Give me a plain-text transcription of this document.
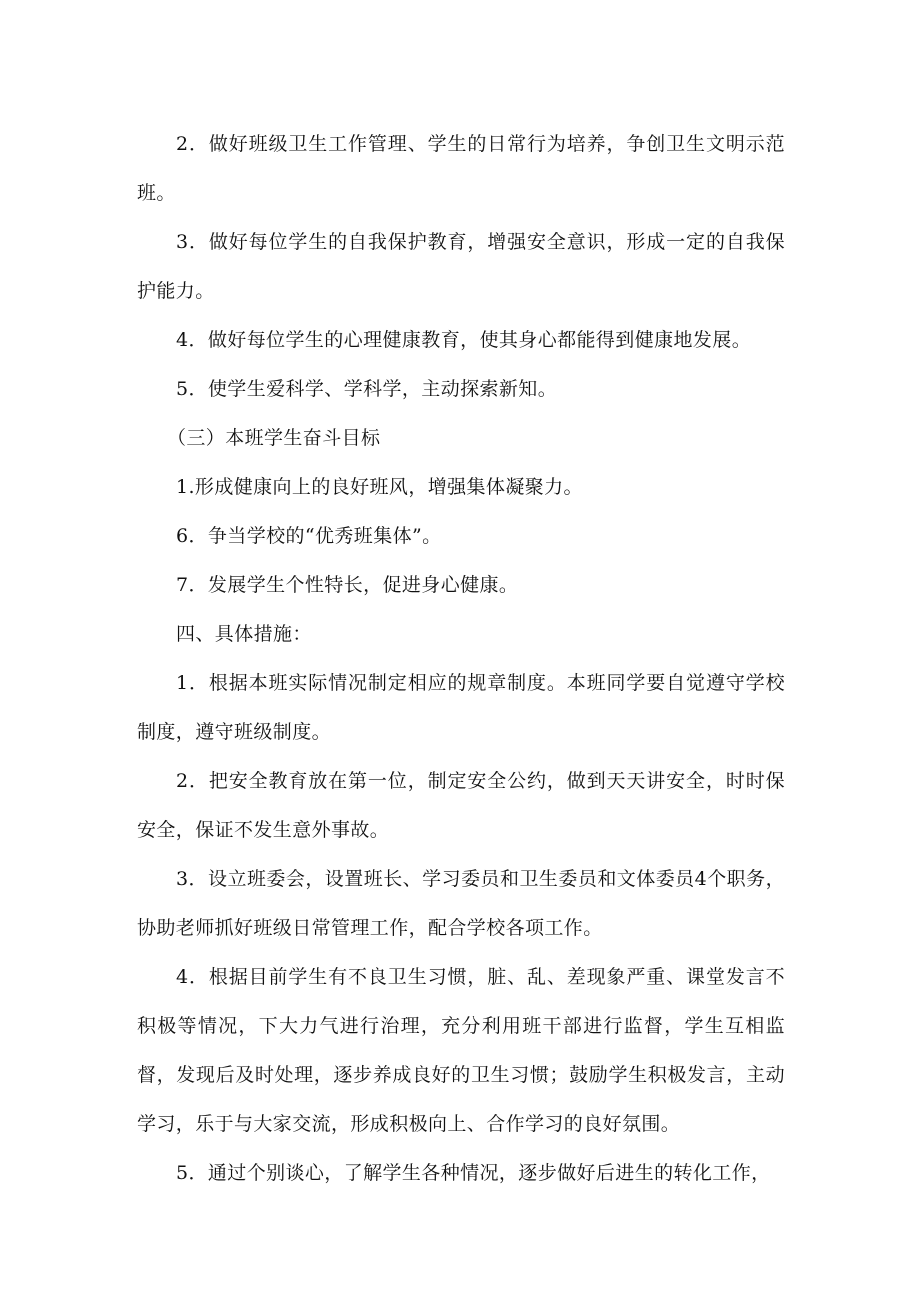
2．做好班级卫生工作管理、学生的日常行为培养，争创卫生文明示范班。

3．做好每位学生的自我保护教育，增强安全意识，形成一定的自我保护能力。

4．做好每位学生的心理健康教育，使其身心都能得到健康地发展。

5．使学生爱科学、学科学，主动探索新知。

（三）本班学生奋斗目标

1.形成健康向上的良好班风，增强集体凝聚力。

6．争当学校的“优秀班集体”。

7．发展学生个性特长，促进身心健康。

四、具体措施：

1．根据本班实际情况制定相应的规章制度。本班同学要自觉遵守学校制度，遵守班级制度。

2．把安全教育放在第一位，制定安全公约，做到天天讲安全，时时保安全，保证不发生意外事故。

3．设立班委会，设置班长、学习委员和卫生委员和文体委员4个职务，协助老师抓好班级日常管理工作，配合学校各项工作。

4．根据目前学生有不良卫生习惯，脏、乱、差现象严重、课堂发言不积极等情况，下大力气进行治理，充分利用班干部进行监督，学生互相监督，发现后及时处理，逐步养成良好的卫生习惯；鼓励学生积极发言，主动学习，乐于与大家交流，形成积极向上、合作学习的良好氛围。

5．通过个别谈心，了解学生各种情况，逐步做好后进生的转化工作，
